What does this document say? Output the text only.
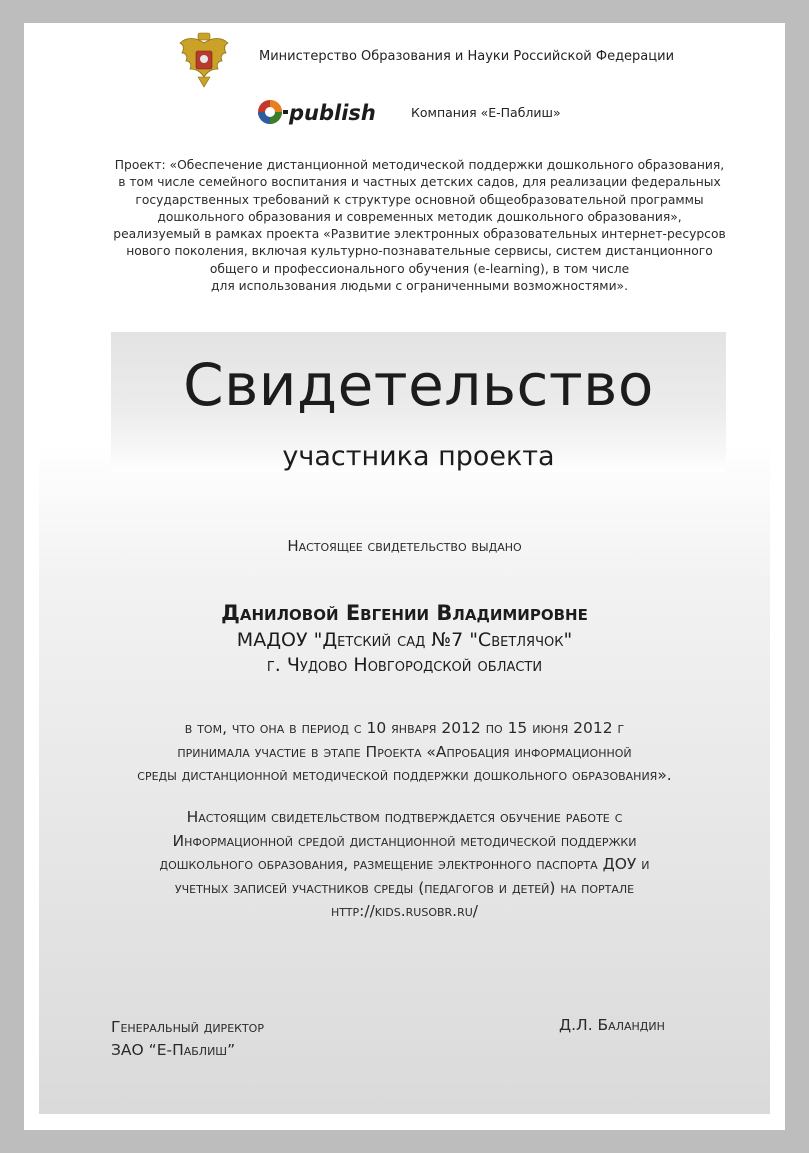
Министерство Образования и Науки Российской Федерации
publish	Компания «Е-Паблиш»
Проект: «Обеспечение дистанционной методической поддержки дошкольного образования,
в том числе семейного воспитания и частных детских садов, для реализации федеральных
государственных требований к структуре основной общеобразовательной программы
дошкольного образования и современных методик дошкольного образования»,
реализуемый в рамках проекта «Развитие электронных образовательных интернет-ресурсов
нового поколения, включая культурно-познавательные сервисы, систем дистанционного
общего и профессионального обучения (e-learning), в том числе
для использования людьми с ограниченными возможностями».
Свидетельство
участника проекта
Настоящее свидетельство выдано
Даниловой Евгении Владимировне
МАДОУ "Детский сад №7 "Светлячок"
г. Чудово Новгородской области
в том, что она в период с 10 января 2012 по 15 июня 2012 г
принимала участие в этапе Проекта «Апробация информационной
среды дистанционной методической поддержки дошкольного образования».
Настоящим свидетельством подтверждается обучение работе с
Информационной средой дистанционной методической поддержки
дошкольного образования, размещение электронного паспорта ДОУ и
учетных записей участников среды (педагогов и детей) на портале
http://kids.rusobr.ru/
Генеральный директор
ЗАО “Е-Паблиш”
Д.Л. Баландин
